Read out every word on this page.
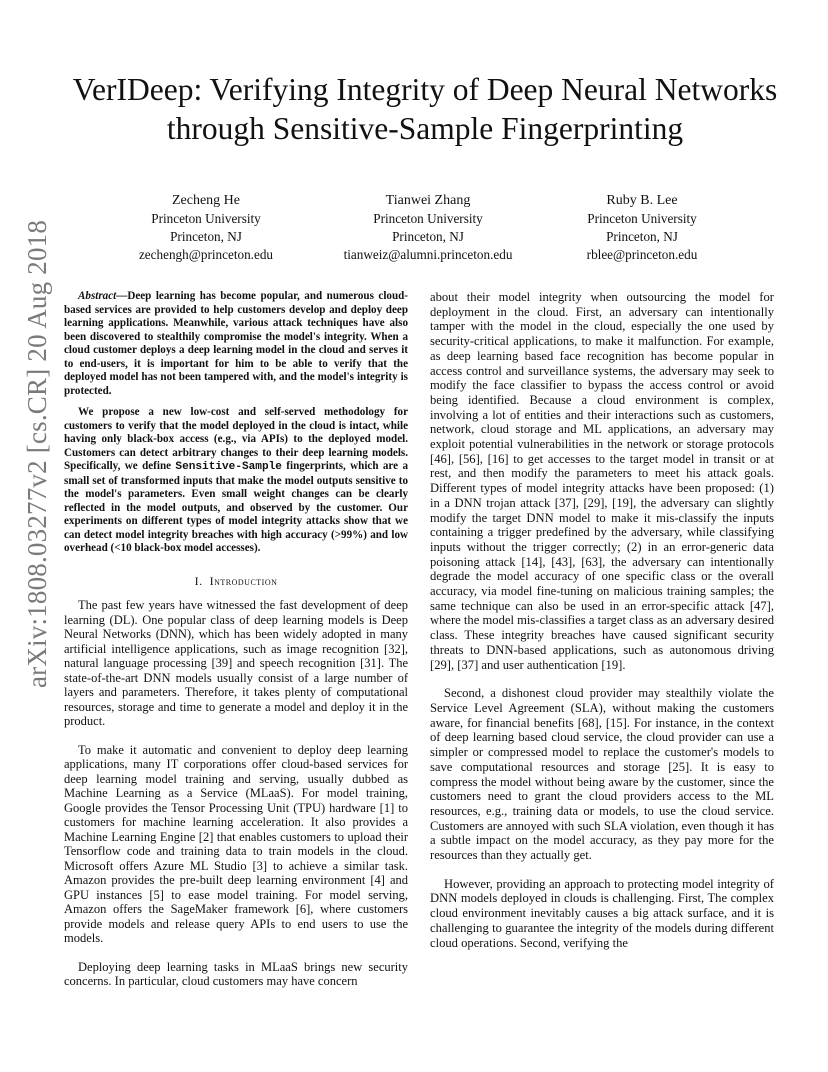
arXiv:1808.03277v2 [cs.CR] 20 Aug 2018
VerIDeep: Verifying Integrity of Deep Neural Networks through Sensitive-Sample Fingerprinting
Zecheng He
Princeton University
Princeton, NJ
zechengh@princeton.edu
Tianwei Zhang
Princeton University
Princeton, NJ
tianweiz@alumni.princeton.edu
Ruby B. Lee
Princeton University
Princeton, NJ
rblee@princeton.edu

Abstract—Deep learning has become popular, and numerous cloud-based services are provided to help customers develop and deploy deep learning applications. Meanwhile, various attack techniques have also been discovered to stealthily compromise the model's integrity. When a cloud customer deploys a deep learning model in the cloud and serves it to end-users, it is important for him to be able to verify that the deployed model has not been tampered with, and the model's integrity is protected.

We propose a new low-cost and self-served methodology for customers to verify that the model deployed in the cloud is intact, while having only black-box access (e.g., via APIs) to the deployed model. Customers can detect arbitrary changes to their deep learning models. Specifically, we define Sensitive-Sample fingerprints, which are a small set of transformed inputs that make the model outputs sensitive to the model's parameters. Even small weight changes can be clearly reflected in the model outputs, and observed by the customer. Our experiments on different types of model integrity attacks show that we can detect model integrity breaches with high accuracy (>99%) and low overhead (<10 black-box model accesses).

I. Introduction

The past few years have witnessed the fast development of deep learning (DL). One popular class of deep learning models is Deep Neural Networks (DNN), which has been widely adopted in many artificial intelligence applications, such as image recognition [32], natural language processing [39] and speech recognition [31]. The state-of-the-art DNN models usually consist of a large number of layers and parameters. Therefore, it takes plenty of computational resources, storage and time to generate a model and deploy it in the product.

To make it automatic and convenient to deploy deep learning applications, many IT corporations offer cloud-based services for deep learning model training and serving, usually dubbed as Machine Learning as a Service (MLaaS). For model training, Google provides the Tensor Processing Unit (TPU) hardware [1] to customers for machine learning acceleration. It also provides a Machine Learning Engine [2] that enables customers to upload their Tensorflow code and training data to train models in the cloud. Microsoft offers Azure ML Studio [3] to achieve a similar task. Amazon provides the pre-built deep learning environment [4] and GPU instances [5] to ease model training. For model serving, Amazon offers the SageMaker framework [6], where customers provide models and release query APIs to end users to use the models.

Deploying deep learning tasks in MLaaS brings new security concerns. In particular, cloud customers may have concern

about their model integrity when outsourcing the model for deployment in the cloud. First, an adversary can intentionally tamper with the model in the cloud, especially the one used by security-critical applications, to make it malfunction. For example, as deep learning based face recognition has become popular in access control and surveillance systems, the adversary may seek to modify the face classifier to bypass the access control or avoid being identified. Because a cloud environment is complex, involving a lot of entities and their interactions such as customers, network, cloud storage and ML applications, an adversary may exploit potential vulnerabilities in the network or storage protocols [46], [56], [16] to get accesses to the target model in transit or at rest, and then modify the parameters to meet his attack goals. Different types of model integrity attacks have been proposed: (1) in a DNN trojan attack [37], [29], [19], the adversary can slightly modify the target DNN model to make it mis-classify the inputs containing a trigger predefined by the adversary, while classifying inputs without the trigger correctly; (2) in an error-generic data poisoning attack [14], [43], [63], the adversary can intentionally degrade the model accuracy of one specific class or the overall accuracy, via model fine-tuning on malicious training samples; the same technique can also be used in an error-specific attack [47], where the model mis-classifies a target class as an adversary desired class. These integrity breaches have caused significant security threats to DNN-based applications, such as autonomous driving [29], [37] and user authentication [19].

Second, a dishonest cloud provider may stealthily violate the Service Level Agreement (SLA), without making the customers aware, for financial benefits [68], [15]. For instance, in the context of deep learning based cloud service, the cloud provider can use a simpler or compressed model to replace the customer's models to save computational resources and storage [25]. It is easy to compress the model without being aware by the customer, since the customers need to grant the cloud providers access to the ML resources, e.g., training data or models, to use the cloud service. Customers are annoyed with such SLA violation, even though it has a subtle impact on the model accuracy, as they pay more for the resources than they actually get.

However, providing an approach to protecting model integrity of DNN models deployed in clouds is challenging. First, The complex cloud environment inevitably causes a big attack surface, and it is challenging to guarantee the integrity of the models during different cloud operations. Second, verifying the
